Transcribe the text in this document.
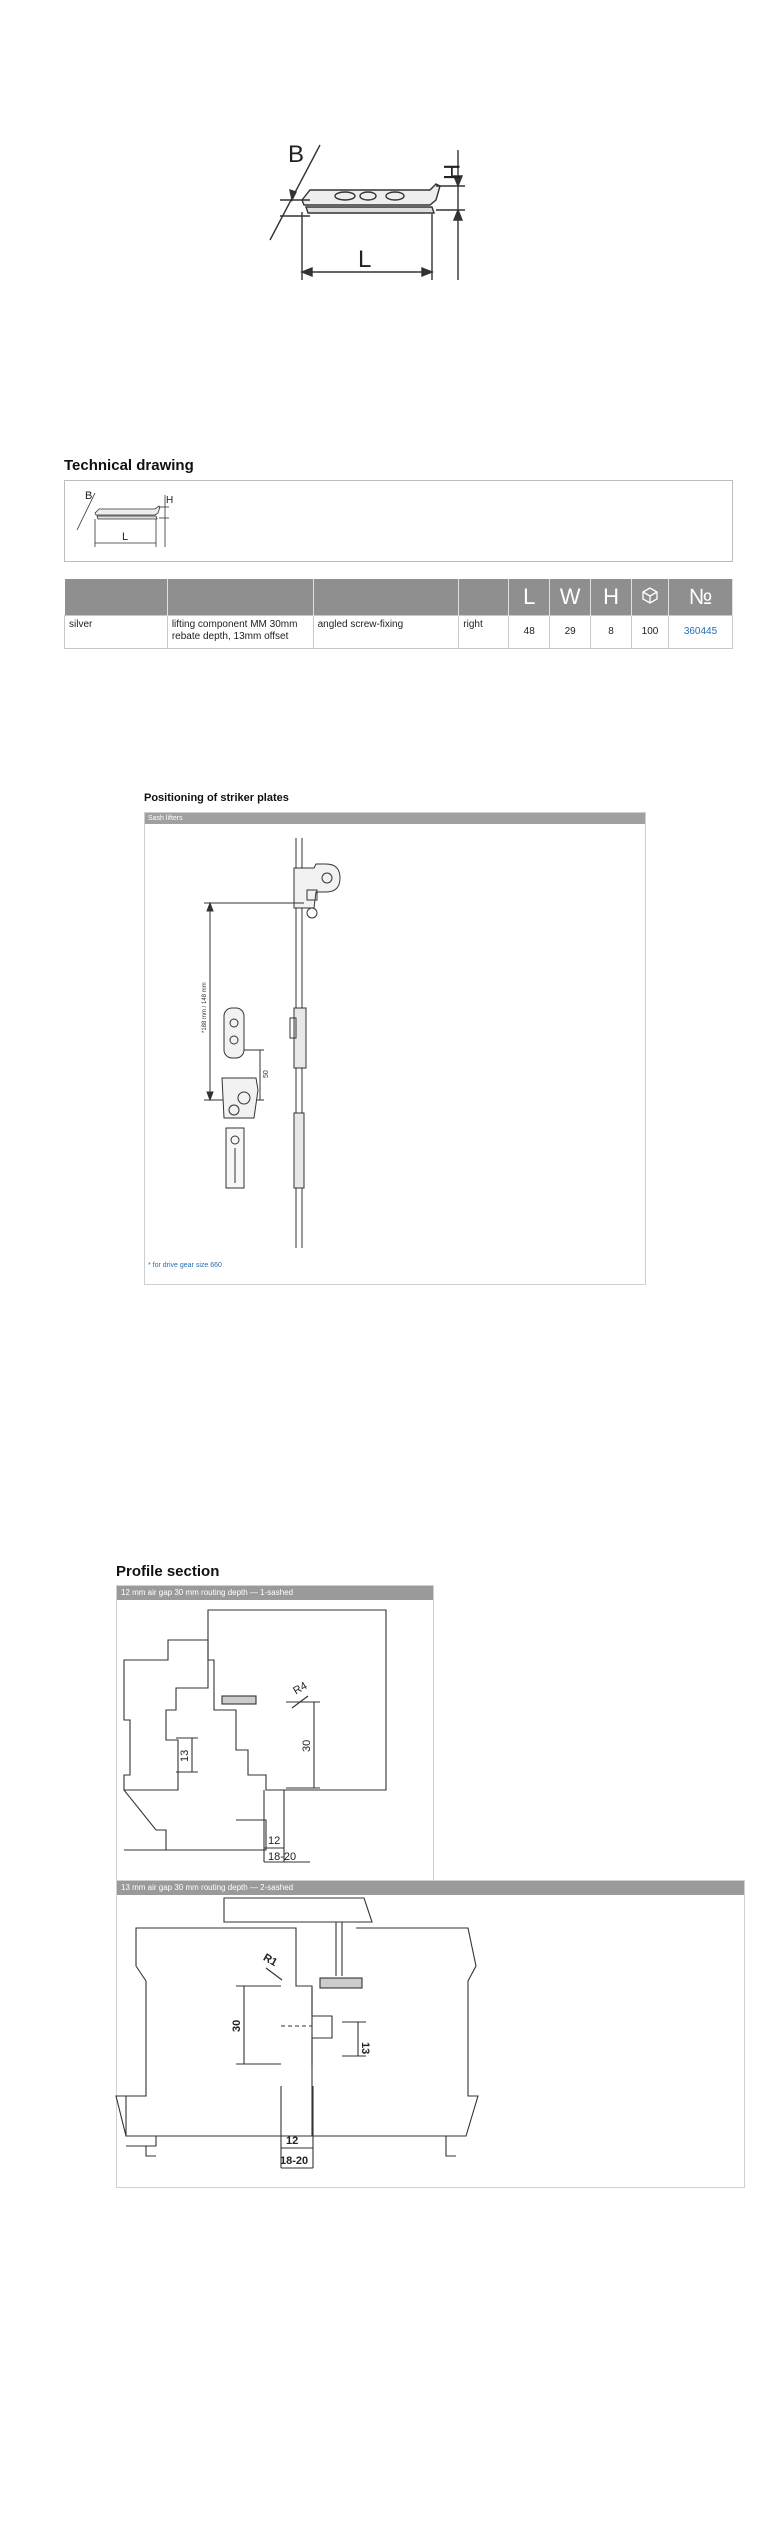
B
H
L
Technical drawing
B	H
L
				L	W	H		№
silver	lifting component MM 30mm rebate depth, 13mm offset	angled screw-fixing	right	48	29	8	100	360445
Positioning of striker plates
Sash lifters
*188 mm / 148 mm
50
* for drive gear size 660
Profile section
12 mm air gap 30 mm routing depth — 1-sashed
R4
30
13
12
18-20
13 mm air gap 30 mm routing depth — 2-sashed
R1
30
13
12
18-20
